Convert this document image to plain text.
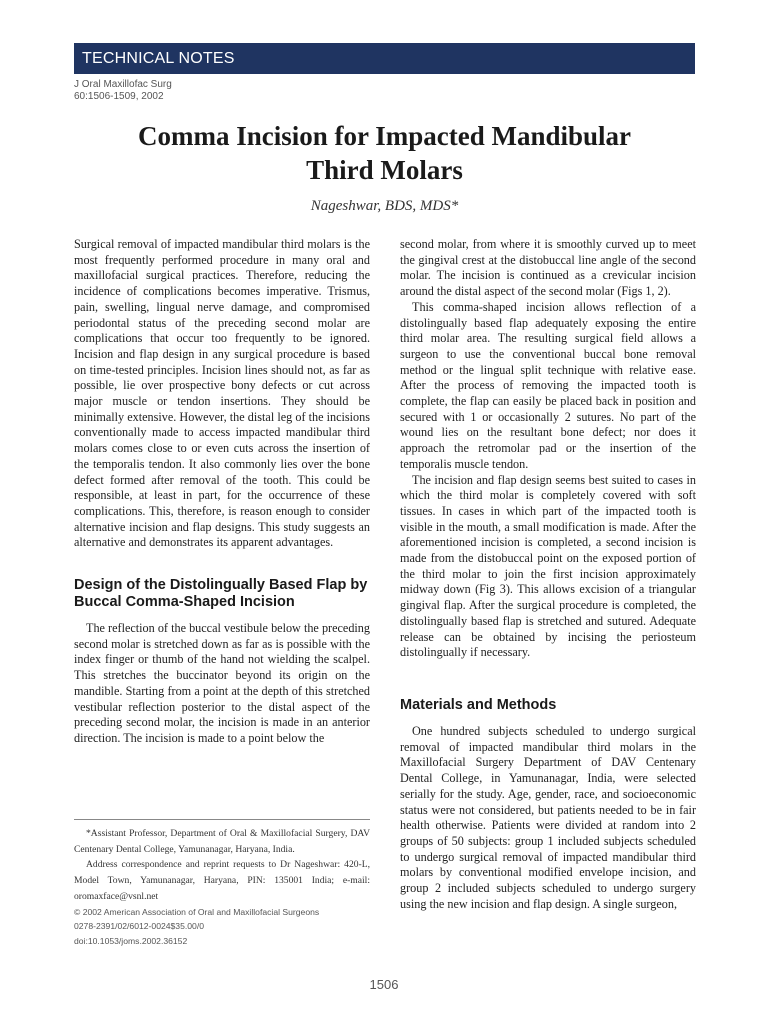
TECHNICAL NOTES
J Oral Maxillofac Surg
60:1506-1509, 2002
Comma Incision for Impacted Mandibular
Third Molars
Nageshwar, BDS, MDS*

Surgical removal of impacted mandibular third molars is the most frequently performed procedure in many oral and maxillofacial surgical practices. Therefore, reducing the incidence of complications becomes imperative. Trismus, pain, swelling, lingual nerve damage, and compromised periodontal status of the preceding second molar are complications that occur too frequently to be ignored. Incision and flap design in any surgical procedure is based on time-tested principles. Incision lines should not, as far as possible, lie over prospective bony defects or cut across major muscle or tendon insertions. They should be minimally extensive. However, the distal leg of the incisions conventionally made to access impacted mandibular third molars comes close to or even cuts across the insertion of the temporalis tendon. It also commonly lies over the bone defect formed after removal of the tooth. This could be responsible, at least in part, for the occurrence of these complications. This, therefore, is reason enough to consider alternative incision and flap designs. This study suggests an alternative and demonstrates its apparent advantages.

Design of the Distolingually Based Flap by Buccal Comma-Shaped Incision

The reflection of the buccal vestibule below the preceding second molar is stretched down as far as is possible with the index finger or thumb of the hand not wielding the scalpel. This stretches the buccinator beyond its origin on the mandible. Starting from a point at the depth of this stretched vestibular reflection posterior to the distal aspect of the preceding second molar, the incision is made in an anterior direction. The incision is made to a point below the

second molar, from where it is smoothly curved up to meet the gingival crest at the distobuccal line angle of the second molar. The incision is continued as a crevicular incision around the distal aspect of the second molar (Figs 1, 2).

This comma-shaped incision allows reflection of a distolingually based flap adequately exposing the entire third molar area. The resulting surgical field allows a surgeon to use the conventional buccal bone removal method or the lingual split technique with relative ease. After the process of removing the impacted tooth is complete, the flap can easily be placed back in position and secured with 1 or occasionally 2 sutures. No part of the wound lies on the resultant bone defect; nor does it approach the retromolar pad or the insertion of the temporalis muscle tendon.

The incision and flap design seems best suited to cases in which the third molar is completely covered with soft tissues. In cases in which part of the impacted tooth is visible in the mouth, a small modification is made. After the aforementioned incision is completed, a second incision is made from the distobuccal point on the exposed portion of the third molar to join the first incision approximately midway down (Fig 3). This allows excision of a triangular gingival flap. After the surgical procedure is completed, the distolingually based flap is stretched and sutured. Adequate release can be obtained by incising the periosteum distolingually if necessary.

Materials and Methods

One hundred subjects scheduled to undergo surgical removal of impacted mandibular third molars in the Maxillofacial Surgery Department of DAV Centenary Dental College, in Yamunanagar, India, were selected serially for the study. Age, gender, race, and socioeconomic status were not considered, but patients needed to be in fair health otherwise. Patients were divided at random into 2 groups of 50 subjects: group 1 included subjects scheduled to undergo surgical removal of impacted mandibular third molars by conventional modified envelope incision, and group 2 included subjects scheduled to undergo surgery using the new incision and flap design. A single surgeon,

*Assistant Professor, Department of Oral & Maxillofacial Surgery, DAV Centenary Dental College, Yamunanagar, Haryana, India.

Address correspondence and reprint requests to Dr Nageshwar: 420-L, Model Town, Yamunanagar, Haryana, PIN: 135001 India; e-mail: oromaxface@vsnl.net

© 2002 American Association of Oral and Maxillofacial Surgeons
0278-2391/02/6012-0024$35.00/0
doi:10.1053/joms.2002.36152
1506
